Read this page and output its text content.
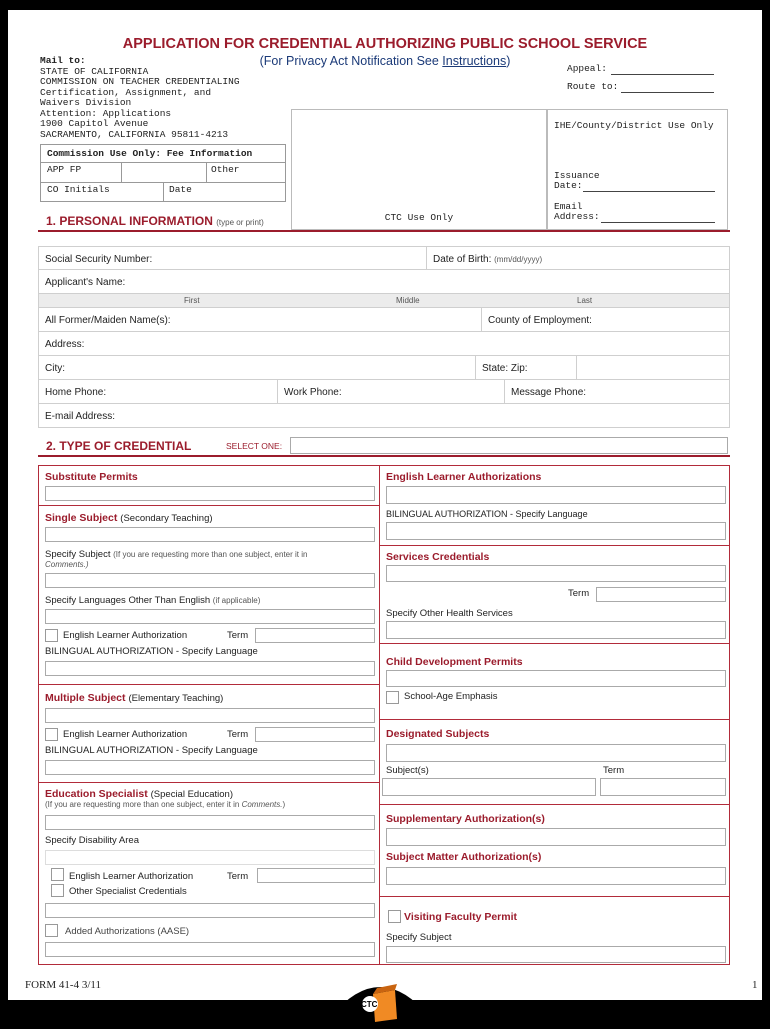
APPLICATION FOR CREDENTIAL AUTHORIZING PUBLIC SCHOOL SERVICE
(For Privacy Act Notification See Instructions)
Mail to:
STATE OF CALIFORNIA
COMMISSION ON TEACHER CREDENTIALING
Certification, Assignment, and
Waivers Division
Attention: Applications
1900 Capitol Avenue
SACRAMENTO, CALIFORNIA 95811-4213
Appeal:
Route to:
Commission Use Only: Fee Information
APP FP	Other
CO Initials	Date
CTC Use Only
IHE/County/District Use Only
Issuance
Date:
Email
Address:
1. PERSONAL INFORMATION (type or print)
Social Security Number:	Date of Birth: (mm/dd/yyyy)
Applicant's Name:
First	Middle	Last
All Former/Maiden Name(s):	County of Employment:
Address:
City:	State: Zip:
Home Phone:	Work Phone:	Message Phone:
E-mail Address:
2. TYPE OF CREDENTIAL	SELECT ONE:
Substitute Permits
Single Subject (Secondary Teaching)
Specify Subject (If you are requesting more than one subject, enter it in
Comments.)
Specify Languages Other Than English (if applicable)
English Learner Authorization	Term
BILINGUAL AUTHORIZATION - Specify Language
Multiple Subject (Elementary Teaching)
English Learner Authorization	Term
BILINGUAL AUTHORIZATION - Specify Language
Education Specialist (Special Education)
(If you are requesting more than one subject, enter it in Comments.)
Specify Disability Area
English Learner Authorization	Term
Other Specialist Credentials
Added Authorizations (AASE)
English Learner Authorizations
BILINGUAL AUTHORIZATION - Specify Language
Services Credentials
Term
Specify Other Health Services
Child Development Permits
School-Age Emphasis
Designated Subjects
Subject(s)	Term
Supplementary Authorization(s)
Subject Matter Authorization(s)
Visiting Faculty Permit
Specify Subject
FORM 41-4 3/11	1
CTC
